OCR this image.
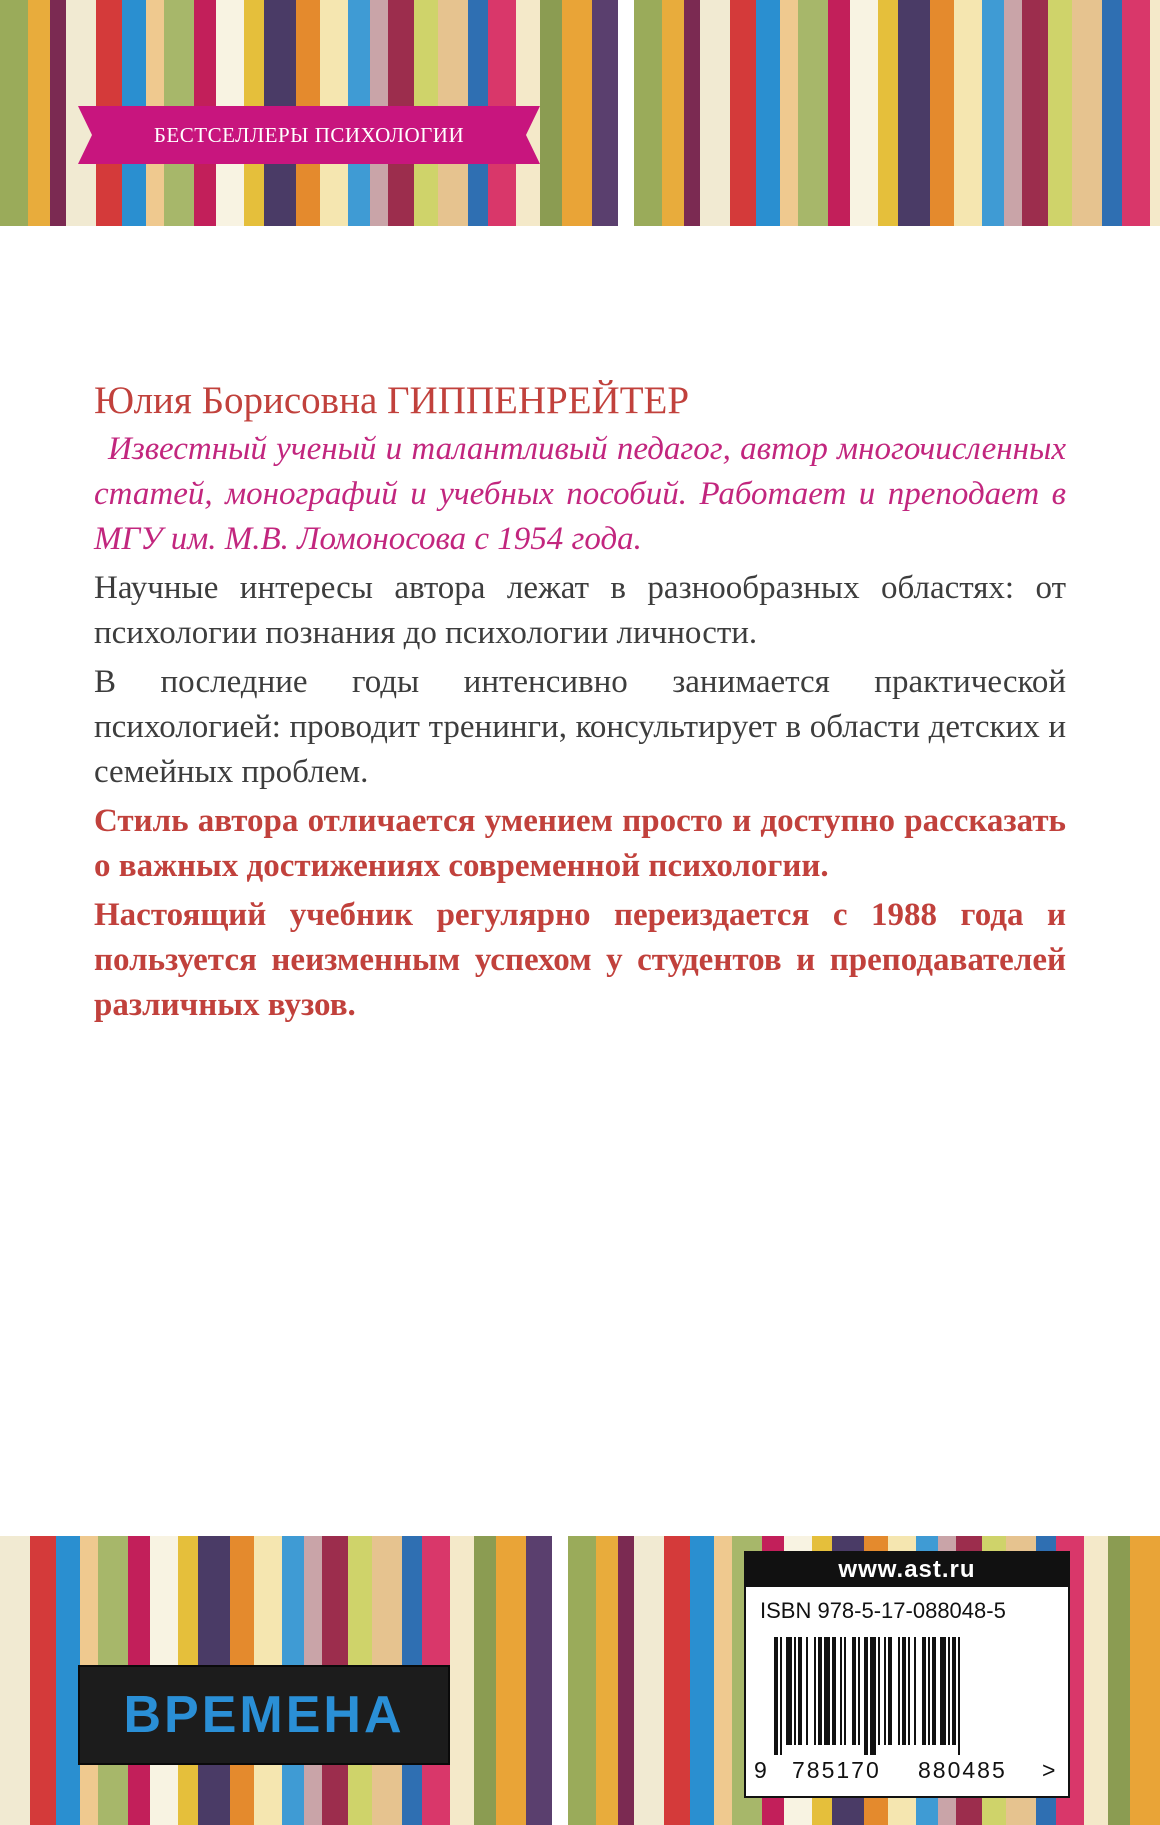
БЕСТСЕЛЛЕРЫ ПСИХОЛОГИИ

Юлия Борисовна ГИППЕНРЕЙТЕР

Известный ученый и талантливый педагог, автор многочисленных статей, монографий и учебных пособий. Работает и преподает в МГУ им. М.В. Ломоносова с 1954 года.

Научные интересы автора лежат в разнообразных областях: от психологии познания до психологии личности.

В последние годы интенсивно занимается практической психологией: проводит тренинги, консультирует в области детских и семейных проблем.

Стиль автора отличается умением просто и доступно рассказать о важных достижениях современной психологии.

Настоящий учебник регулярно переиздается с 1988 года и пользуется неизменным успехом у студентов и преподавателей различных вузов.

ВРЕМЕНА
www.ast.ru
ISBN 978-5-17-088048-5
9 785170 880485 >
